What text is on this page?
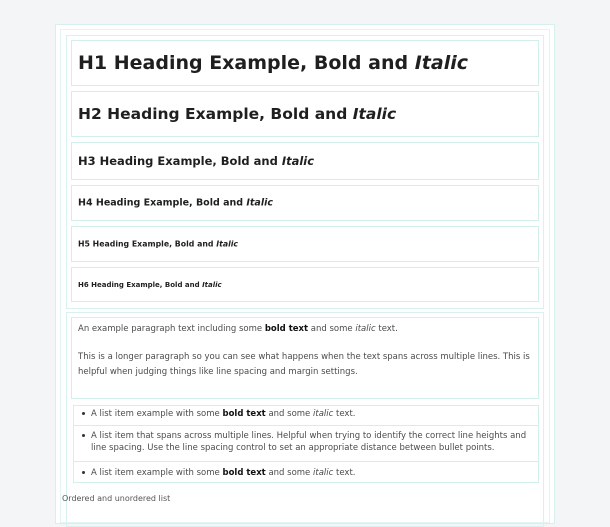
H1 Heading Example, Bold and Italic
H2 Heading Example, Bold and Italic
H3 Heading Example, Bold and Italic
H4 Heading Example, Bold and Italic
H5 Heading Example, Bold and Italic
H6 Heading Example, Bold and Italic
An example paragraph text including some bold text and some italic text.
This is a longer paragraph so you can see what happens when the text spans across multiple lines. This is helpful when judging things like line spacing and margin settings.
A list item example with some bold text and some italic text.
A list item that spans across multiple lines. Helpful when trying to identify the correct line heights and line spacing. Use the line spacing control to set an appropriate distance between bullet points.
A list item example with some bold text and some italic text.
Ordered and unordered list
